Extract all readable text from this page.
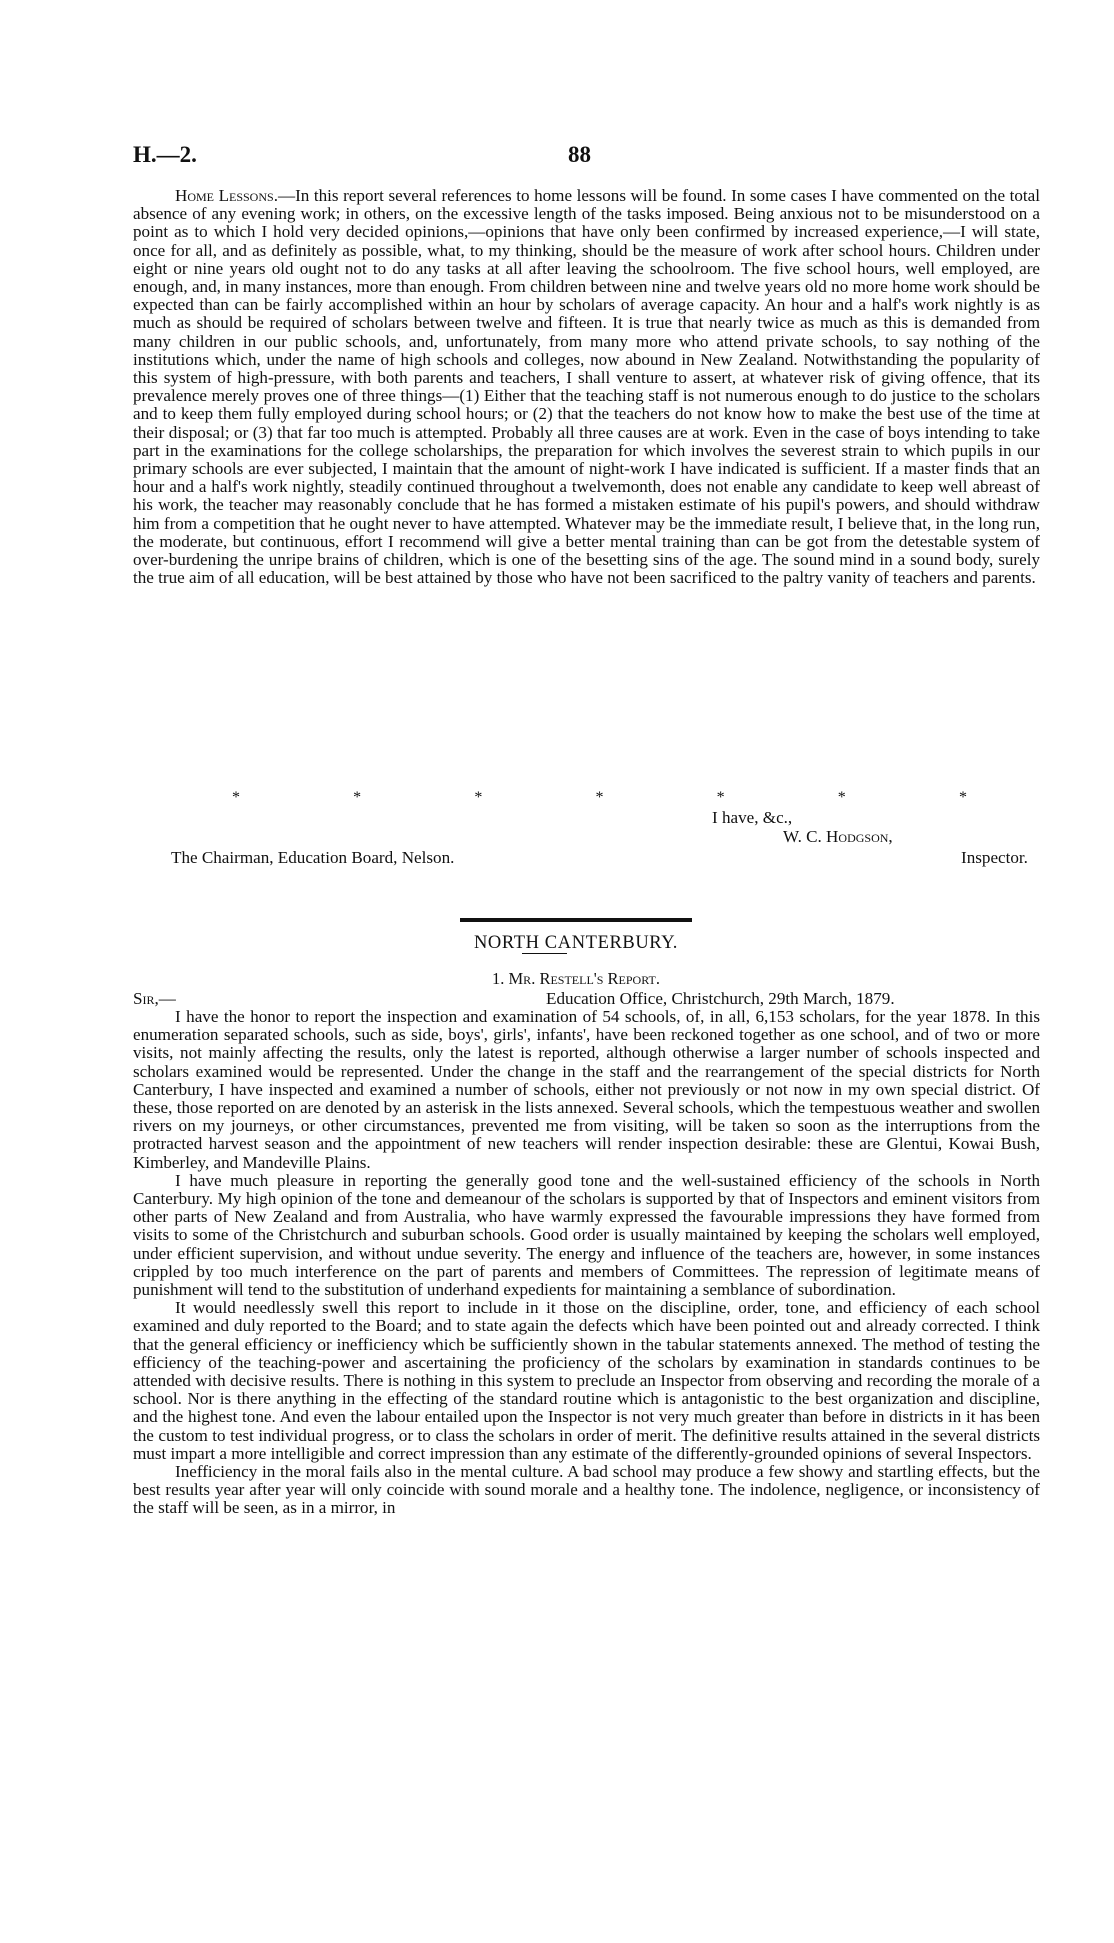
H.—2.	88

Home Lessons.—In this report several references to home lessons will be found. In some cases I have commented on the total absence of any evening work; in others, on the excessive length of the tasks imposed. Being anxious not to be misunderstood on a point as to which I hold very decided opinions,—opinions that have only been confirmed by increased experience,—I will state, once for all, and as definitely as possible, what, to my thinking, should be the measure of work after school hours. Children under eight or nine years old ought not to do any tasks at all after leaving the schoolroom. The five school hours, well employed, are enough, and, in many instances, more than enough. From children between nine and twelve years old no more home work should be expected than can be fairly accomplished within an hour by scholars of average capacity. An hour and a half's work nightly is as much as should be required of scholars between twelve and fifteen. It is true that nearly twice as much as this is demanded from many children in our public schools, and, unfortunately, from many more who attend private schools, to say nothing of the institutions which, under the name of high schools and colleges, now abound in New Zealand. Notwithstanding the popularity of this system of high-pressure, with both parents and teachers, I shall venture to assert, at whatever risk of giving offence, that its prevalence merely proves one of three things—(1) Either that the teaching staff is not numerous enough to do justice to the scholars and to keep them fully employed during school hours; or (2) that the teachers do not know how to make the best use of the time at their disposal; or (3) that far too much is attempted. Probably all three causes are at work. Even in the case of boys intending to take part in the examinations for the college scholarships, the preparation for which involves the severest strain to which pupils in our primary schools are ever subjected, I maintain that the amount of night-work I have indicated is sufficient. If a master finds that an hour and a half's work nightly, steadily continued throughout a twelvemonth, does not enable any candidate to keep well abreast of his work, the teacher may reasonably conclude that he has formed a mistaken estimate of his pupil's powers, and should withdraw him from a competition that he ought never to have attempted. Whatever may be the immediate result, I believe that, in the long run, the moderate, but continuous, effort I recommend will give a better mental training than can be got from the detestable system of over-burdening the unripe brains of children, which is one of the besetting sins of the age. The sound mind in a sound body, surely the true aim of all education, will be best attained by those who have not been sacrificed to the paltry vanity of teachers and parents.

*	*	*	*	*	*	*
I have, &c.,
W. C. Hodgson,
The Chairman, Education Board, Nelson.	Inspector.
NORTH CANTERBURY.
1. Mr. Restell's Report.
Sir,—	Education Office, Christchurch, 29th March, 1879.

I have the honor to report the inspection and examination of 54 schools, of, in all, 6,153 scholars, for the year 1878. In this enumeration separated schools, such as side, boys', girls', infants', have been reckoned together as one school, and of two or more visits, not mainly affecting the results, only the latest is reported, although otherwise a larger number of schools inspected and scholars examined would be represented. Under the change in the staff and the rearrangement of the special districts for North Canterbury, I have inspected and examined a number of schools, either not previously or not now in my own special district. Of these, those reported on are denoted by an asterisk in the lists annexed. Several schools, which the tempestuous weather and swollen rivers on my journeys, or other circumstances, prevented me from visiting, will be taken so soon as the interruptions from the protracted harvest season and the appointment of new teachers will render inspection desirable: these are Glentui, Kowai Bush, Kimberley, and Mandeville Plains.

I have much pleasure in reporting the generally good tone and the well-sustained efficiency of the schools in North Canterbury. My high opinion of the tone and demeanour of the scholars is supported by that of Inspectors and eminent visitors from other parts of New Zealand and from Australia, who have warmly expressed the favourable impressions they have formed from visits to some of the Christchurch and suburban schools. Good order is usually maintained by keeping the scholars well employed, under efficient supervision, and without undue severity. The energy and influence of the teachers are, however, in some instances crippled by too much interference on the part of parents and members of Committees. The repression of legitimate means of punishment will tend to the substitution of underhand expedients for maintaining a semblance of subordination.

It would needlessly swell this report to include in it those on the discipline, order, tone, and efficiency of each school examined and duly reported to the Board; and to state again the defects which have been pointed out and already corrected. I think that the general efficiency or inefficiency which be sufficiently shown in the tabular statements annexed. The method of testing the efficiency of the teaching-power and ascertaining the proficiency of the scholars by examination in standards continues to be attended with decisive results. There is nothing in this system to preclude an Inspector from observing and recording the morale of a school. Nor is there anything in the effecting of the standard routine which is antagonistic to the best organization and discipline, and the highest tone. And even the labour entailed upon the Inspector is not very much greater than before in districts in it has been the custom to test individual progress, or to class the scholars in order of merit. The definitive results attained in the several districts must impart a more intelligible and correct impression than any estimate of the differently-grounded opinions of several Inspectors.

Inefficiency in the moral fails also in the mental culture. A bad school may produce a few showy and startling effects, but the best results year after year will only coincide with sound morale and a healthy tone. The indolence, negligence, or inconsistency of the staff will be seen, as in a mirror, in
